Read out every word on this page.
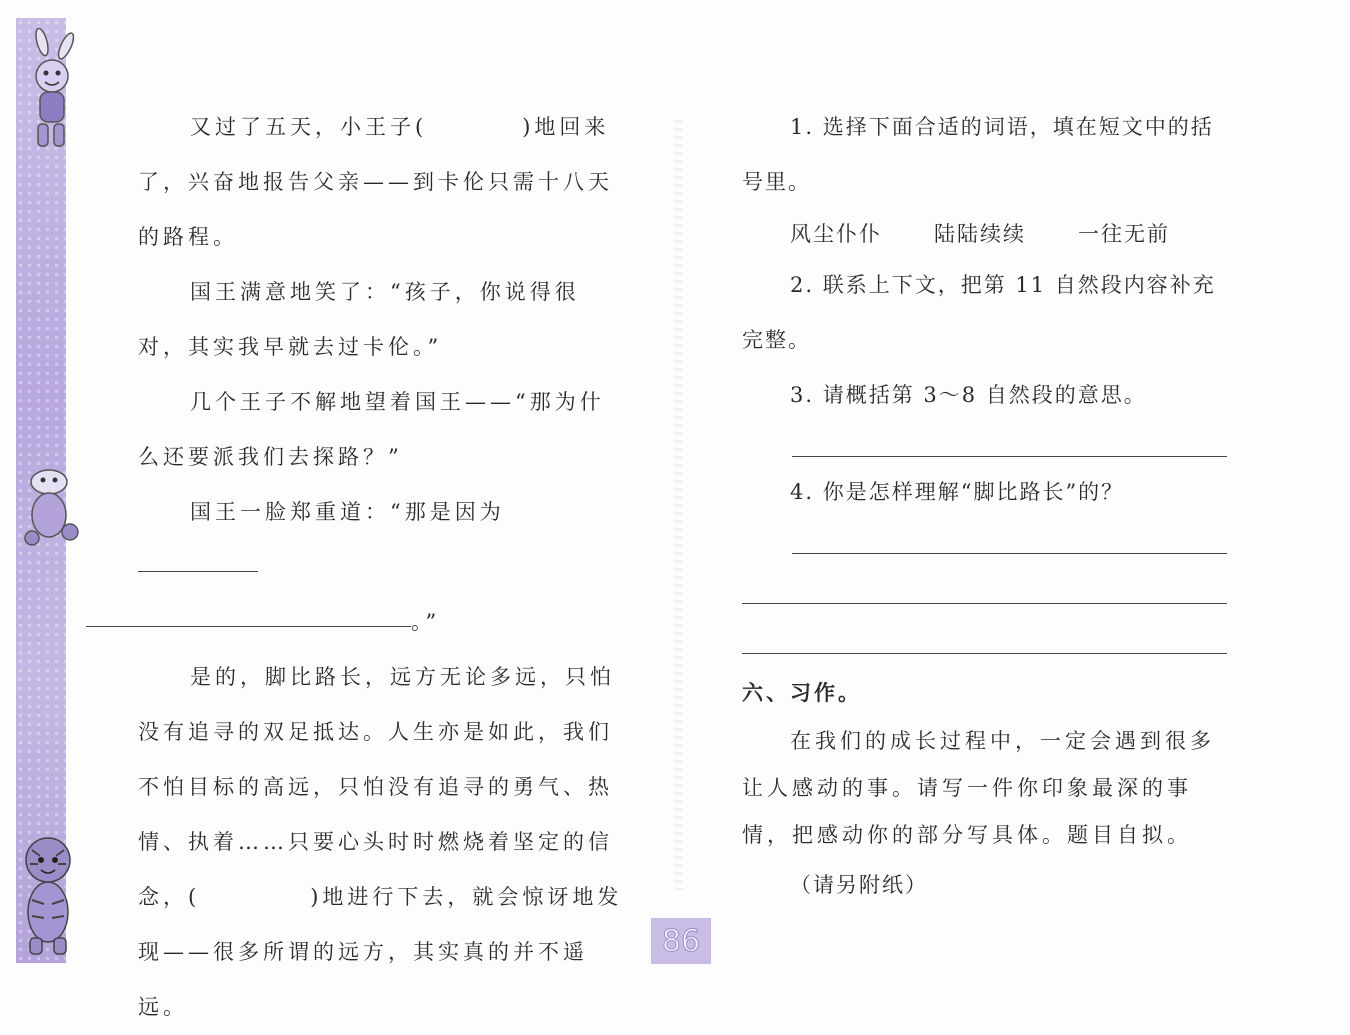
又过了五天，小王子(	)地回来了，兴奋地报告父亲——到卡伦只需十八天的路程。

国王满意地笑了：“孩子，你说得很对，其实我早就去过卡伦。”

几个王子不解地望着国王——“那为什么还要派我们去探路？”

国王一脸郑重道：“那是因为
。”

是的，脚比路长，远方无论多远，只怕没有追寻的双足抵达。人生亦是如此，我们不怕目标的高远，只怕没有追寻的勇气、热情、执着……只要心头时时燃烧着坚定的信念，(	)地进行下去，就会惊讶地发现——很多所谓的远方，其实真的并不遥远。

1. 选择下面合适的词语，填在短文中的括号里。

风尘仆仆 陆陆续续 一往无前

2. 联系上下文，把第 11 自然段内容补充完整。

3. 请概括第 3～8 自然段的意思。

4. 你是怎样理解“脚比路长”的？

六、习作。

在我们的成长过程中，一定会遇到很多让人感动的事。请写一件你印象最深的事情，把感动你的部分写具体。题目自拟。

（请另附纸）

86
